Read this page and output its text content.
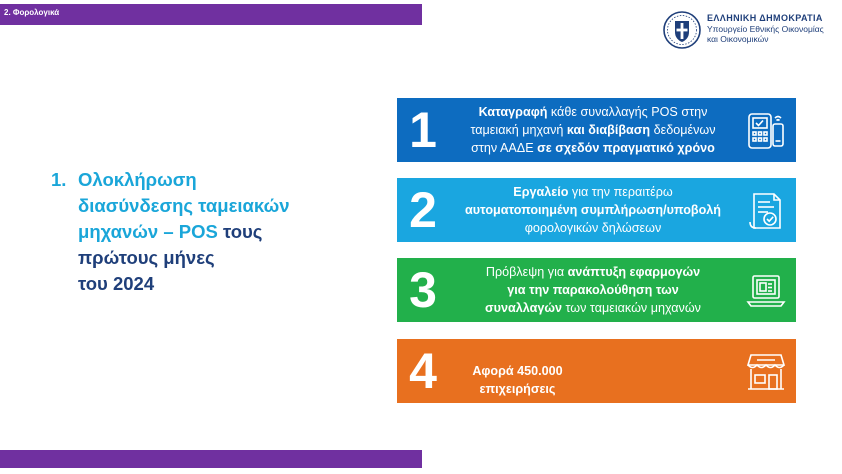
2. Φορολογικά
ΕΛΛΗΝΙΚΗ ΔΗΜΟΚΡΑΤΙΑ
Υπουργείο Εθνικής Οικονομίας
και Οικονομικών
1. Ολοκλήρωση
διασύνδεσης ταμειακών
μηχανών – POS τους
πρώτους μήνες
του 2024
1	Καταγραφή κάθε συναλλαγής POS στην
ταμειακή μηχανή και διαβίβαση δεδομένων
στην ΑΑΔΕ σε σχεδόν πραγματικό χρόνο
2	Εργαλείο για την περαιτέρω
αυτοματοποιημένη συμπλήρωση/υποβολή
φορολογικών δηλώσεων
3	Πρόβλεψη για ανάπτυξη εφαρμογών
για την παρακολούθηση των
συναλλαγών των ταμειακών μηχανών
4	Αφορά 450.000 επιχειρήσεις
